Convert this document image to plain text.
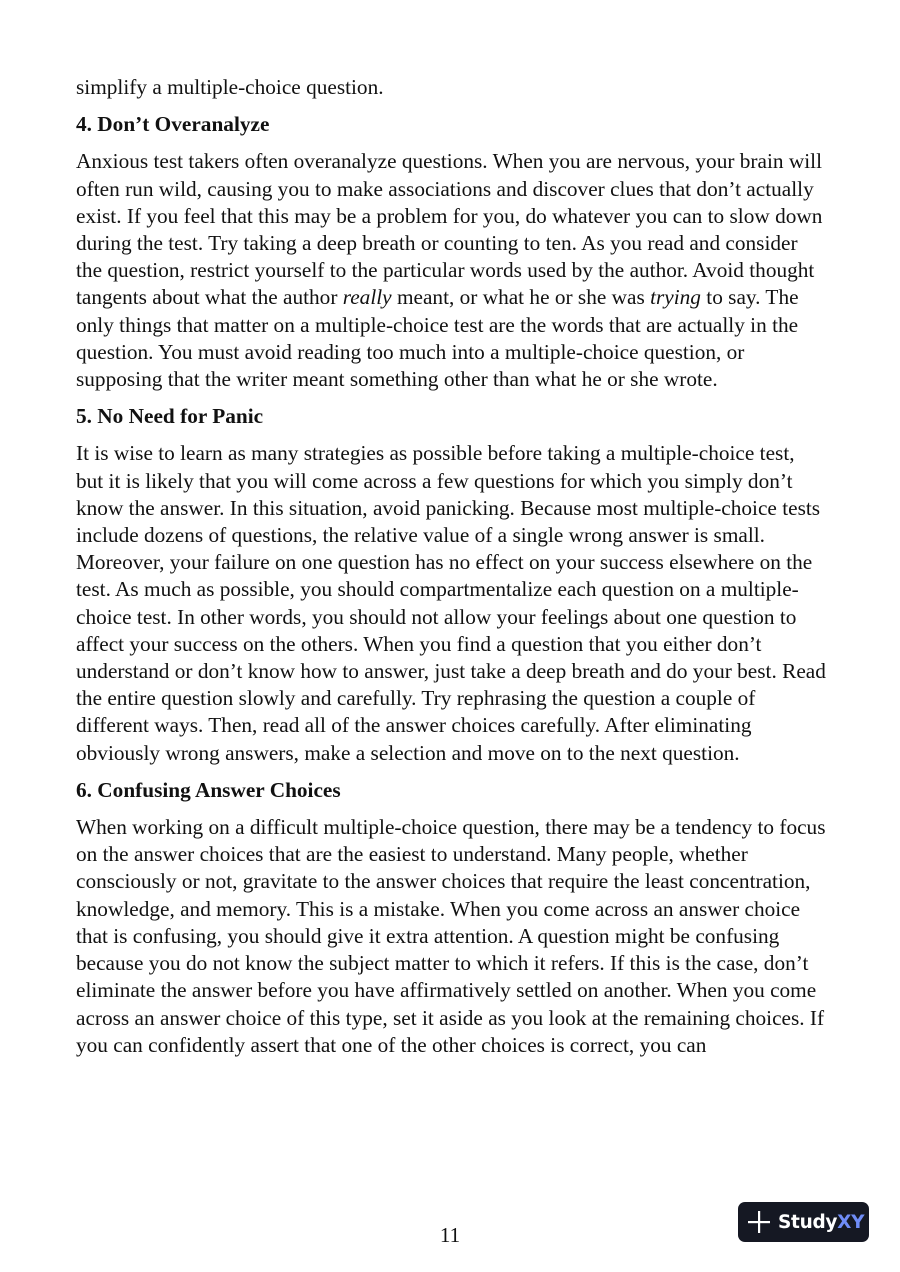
simplify a multiple-choice question.

4. Don’t Overanalyze

Anxious test takers often overanalyze questions. When you are nervous, your brain will often run wild, causing you to make associations and discover clues that don’t actually exist. If you feel that this may be a problem for you, do whatever you can to slow down during the test. Try taking a deep breath or counting to ten. As you read and consider the question, restrict yourself to the particular words used by the author. Avoid thought tangents about what the author really meant, or what he or she was trying to say. The only things that matter on a multiple-choice test are the words that are actually in the question. You must avoid reading too much into a multiple-choice question, or supposing that the writer meant something other than what he or she wrote.

5. No Need for Panic

It is wise to learn as many strategies as possible before taking a multiple-choice test, but it is likely that you will come across a few questions for which you simply don’t know the answer. In this situation, avoid panicking. Because most multiple-choice tests include dozens of questions, the relative value of a single wrong answer is small. Moreover, your failure on one question has no effect on your success elsewhere on the test. As much as possible, you should compartmentalize each question on a multiple-choice test. In other words, you should not allow your feelings about one question to affect your success on the others. When you find a question that you either don’t understand or don’t know how to answer, just take a deep breath and do your best. Read the entire question slowly and carefully. Try rephrasing the question a couple of different ways. Then, read all of the answer choices carefully. After eliminating obviously wrong answers, make a selection and move on to the next question.

6. Confusing Answer Choices

When working on a difficult multiple-choice question, there may be a tendency to focus on the answer choices that are the easiest to understand. Many people, whether consciously or not, gravitate to the answer choices that require the least concentration, knowledge, and memory. This is a mistake. When you come across an answer choice that is confusing, you should give it extra attention. A question might be confusing because you do not know the subject matter to which it refers. If this is the case, don’t eliminate the answer before you have affirmatively settled on another. When you come across an answer choice of this type, set it aside as you look at the remaining choices. If you can confidently assert that one of the other choices is correct, you can

11
StudyXY
